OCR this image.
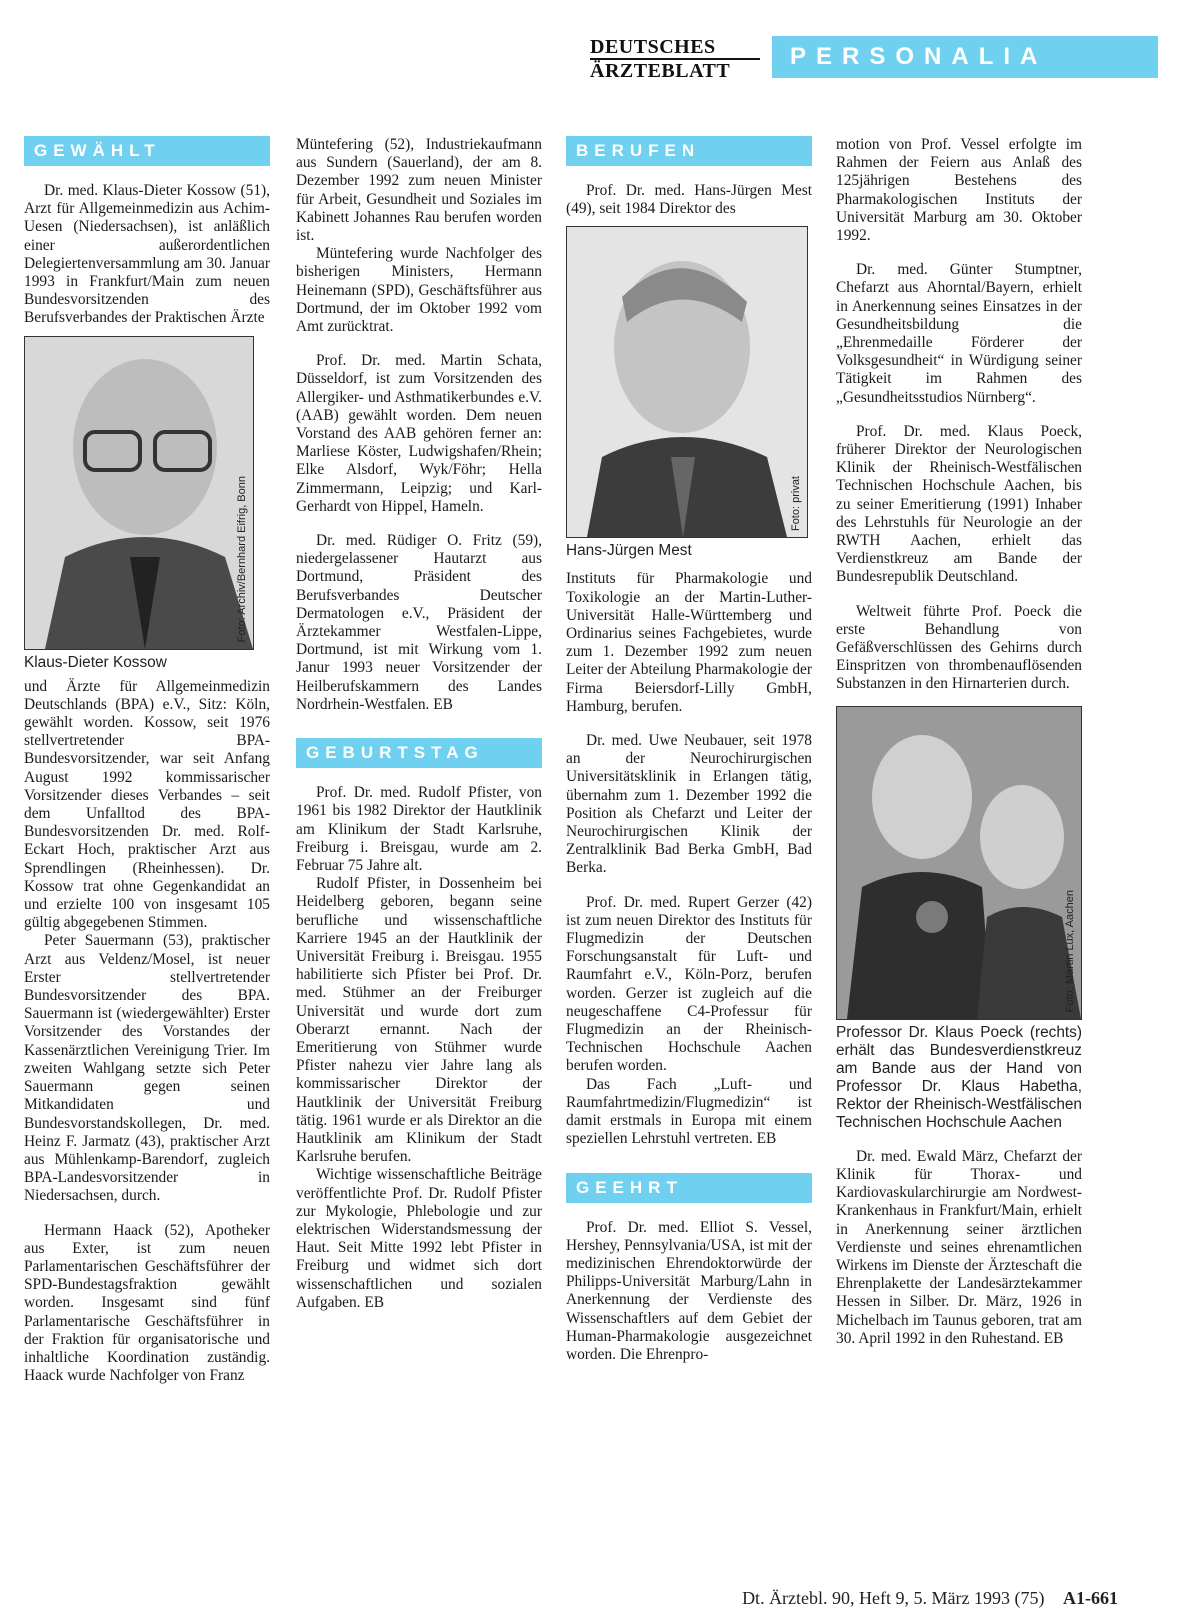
DEUTSCHES
ÄRZTEBLATT
PERSONALIA
GEWÄHLT

Dr. med. Klaus-Dieter Kossow (51), Arzt für Allgemeinmedizin aus Achim-Uesen (Niedersachsen), ist anläßlich einer außerordentlichen Delegiertenversammlung am 30. Januar 1993 in Frankfurt/Main zum neuen Bundesvorsitzenden des Berufsverbandes der Praktischen Ärzte

Foto: Archiv/Bernhard Eifrig, Bonn
Klaus-Dieter Kossow

und Ärzte für Allgemeinmedizin Deutschlands (BPA) e.V., Sitz: Köln, gewählt worden. Kossow, seit 1976 stellvertretender BPA-Bundesvorsitzender, war seit Anfang August 1992 kommissarischer Vorsitzender dieses Verbandes – seit dem Unfalltod des BPA-Bundesvorsitzenden Dr. med. Rolf-Eckart Hoch, praktischer Arzt aus Sprendlingen (Rheinhessen). Dr. Kossow trat ohne Gegenkandidat an und erzielte 100 von insgesamt 105 gültig abgegebenen Stimmen.

Peter Sauermann (53), praktischer Arzt aus Veldenz/Mosel, ist neuer Erster stellvertretender Bundesvorsitzender des BPA. Sauermann ist (wiedergewählter) Erster Vorsitzender des Vorstandes der Kassenärztlichen Vereinigung Trier. Im zweiten Wahlgang setzte sich Peter Sauermann gegen seinen Mitkandidaten und Bundesvorstandskollegen, Dr. med. Heinz F. Jarmatz (43), praktischer Arzt aus Mühlenkamp-Barendorf, zugleich BPA-Landesvorsitzender in Niedersachsen, durch.

Hermann Haack (52), Apotheker aus Exter, ist zum neuen Parlamentarischen Geschäftsführer der SPD-Bundestagsfraktion gewählt worden. Insgesamt sind fünf Parlamentarische Geschäftsführer in der Fraktion für organisatorische und inhaltliche Koordination zuständig. Haack wurde Nachfolger von Franz

Müntefering (52), Industriekaufmann aus Sundern (Sauerland), der am 8. Dezember 1992 zum neuen Minister für Arbeit, Gesundheit und Soziales im Kabinett Johannes Rau berufen worden ist.

Müntefering wurde Nachfolger des bisherigen Ministers, Hermann Heinemann (SPD), Geschäftsführer aus Dortmund, der im Oktober 1992 vom Amt zurücktrat.

Prof. Dr. med. Martin Schata, Düsseldorf, ist zum Vorsitzenden des Allergiker- und Asthmatikerbundes e.V. (AAB) gewählt worden. Dem neuen Vorstand des AAB gehören ferner an: Marliese Köster, Ludwigshafen/Rhein; Elke Alsdorf, Wyk/Föhr; Hella Zimmermann, Leipzig; und Karl-Gerhardt von Hippel, Hameln.

Dr. med. Rüdiger O. Fritz (59), niedergelassener Hautarzt aus Dortmund, Präsident des Berufsverbandes Deutscher Dermatologen e.V., Präsident der Ärztekammer Westfalen-Lippe, Dortmund, ist mit Wirkung vom 1. Janur 1993 neuer Vorsitzender der Heilberufskammern des Landes Nordrhein-Westfalen. EB

GEBURTSTAG

Prof. Dr. med. Rudolf Pfister, von 1961 bis 1982 Direktor der Hautklinik am Klinikum der Stadt Karlsruhe, Freiburg i. Breisgau, wurde am 2. Februar 75 Jahre alt.

Rudolf Pfister, in Dossenheim bei Heidelberg geboren, begann seine berufliche und wissenschaftliche Karriere 1945 an der Hautklinik der Universität Freiburg i. Breisgau. 1955 habilitierte sich Pfister bei Prof. Dr. med. Stühmer an der Freiburger Universität und wurde dort zum Oberarzt ernannt. Nach der Emeritierung von Stühmer wurde Pfister nahezu vier Jahre lang als kommissarischer Direktor der Hautklinik der Universität Freiburg tätig. 1961 wurde er als Direktor an die Hautklinik am Klinikum der Stadt Karlsruhe berufen.

Wichtige wissenschaftliche Beiträge veröffentlichte Prof. Dr. Rudolf Pfister zur Mykologie, Phlebologie und zur elektrischen Widerstandsmessung der Haut. Seit Mitte 1992 lebt Pfister in Freiburg und widmet sich dort wissenschaftlichen und sozialen Aufgaben. EB

BERUFEN

Prof. Dr. med. Hans-Jürgen Mest (49), seit 1984 Direktor des

Foto: privat
Hans-Jürgen Mest

Instituts für Pharmakologie und Toxikologie an der Martin-Luther-Universität Halle-Württemberg und Ordinarius seines Fachgebietes, wurde zum 1. Dezember 1992 zum neuen Leiter der Abteilung Pharmakologie der Firma Beiersdorf-Lilly GmbH, Hamburg, berufen.

Dr. med. Uwe Neubauer, seit 1978 an der Neurochirurgischen Universitätsklinik in Erlangen tätig, übernahm zum 1. Dezember 1992 die Position als Chefarzt und Leiter der Neurochirurgischen Klinik der Zentralklinik Bad Berka GmbH, Bad Berka.

Prof. Dr. med. Rupert Gerzer (42) ist zum neuen Direktor des Instituts für Flugmedizin der Deutschen Forschungsanstalt für Luft- und Raumfahrt e.V., Köln-Porz, berufen worden. Gerzer ist zugleich auf die neugeschaffene C4-Professur für Flugmedizin an der Rheinisch-Technischen Hochschule Aachen berufen worden.

Das Fach „Luft- und Raumfahrtmedizin/Flugmedizin“ ist damit erstmals in Europa mit einem speziellen Lehrstuhl vertreten. EB

GEEHRT

Prof. Dr. med. Elliot S. Vessel, Hershey, Pennsylvania/USA, ist mit der medizinischen Ehrendoktorwürde der Philipps-Universität Marburg/Lahn in Anerkennung der Verdienste des Wissenschaftlers auf dem Gebiet der Human-Pharmakologie ausgezeichnet worden. Die Ehrenpro-

motion von Prof. Vessel erfolgte im Rahmen der Feiern aus Anlaß des 125jährigen Bestehens des Pharmakologischen Instituts der Universität Marburg am 30. Oktober 1992.

Dr. med. Günter Stumptner, Chefarzt aus Ahorntal/Bayern, erhielt in Anerkennung seines Einsatzes in der Gesundheitsbildung die „Ehrenmedaille Förderer der Volksgesundheit“ in Würdigung seiner Tätigkeit im Rahmen des „Gesundheitsstudios Nürnberg“.

Prof. Dr. med. Klaus Poeck, früherer Direktor der Neurologischen Klinik der Rheinisch-Westfälischen Technischen Hochschule Aachen, bis zu seiner Emeritierung (1991) Inhaber des Lehrstuhls für Neurologie an der RWTH Aachen, erhielt das Verdienstkreuz am Bande der Bundesrepublik Deutschland.

Weltweit führte Prof. Poeck die erste Behandlung von Gefäßverschlüssen des Gehirns durch Einspritzen von thrombenauflösenden Substanzen in den Hirnarterien durch.

Foto: Martin Lux, Aachen
Professor Dr. Klaus Poeck (rechts) erhält das Bundesverdienstkreuz am Bande aus der Hand von Professor Dr. Klaus Habetha, Rektor der Rheinisch-Westfälischen Technischen Hochschule Aachen

Dr. med. Ewald März, Chefarzt der Klinik für Thorax- und Kardiovaskularchirurgie am Nordwest-Krankenhaus in Frankfurt/Main, erhielt in Anerkennung seiner ärztlichen Verdienste und seines ehrenamtlichen Wirkens im Dienste der Ärzteschaft die Ehrenplakette der Landesärztekammer Hessen in Silber. Dr. März, 1926 in Michelbach im Taunus geboren, trat am 30. April 1992 in den Ruhestand. EB

Dt. Ärztebl. 90, Heft 9, 5. März 1993 (75) A1-661
